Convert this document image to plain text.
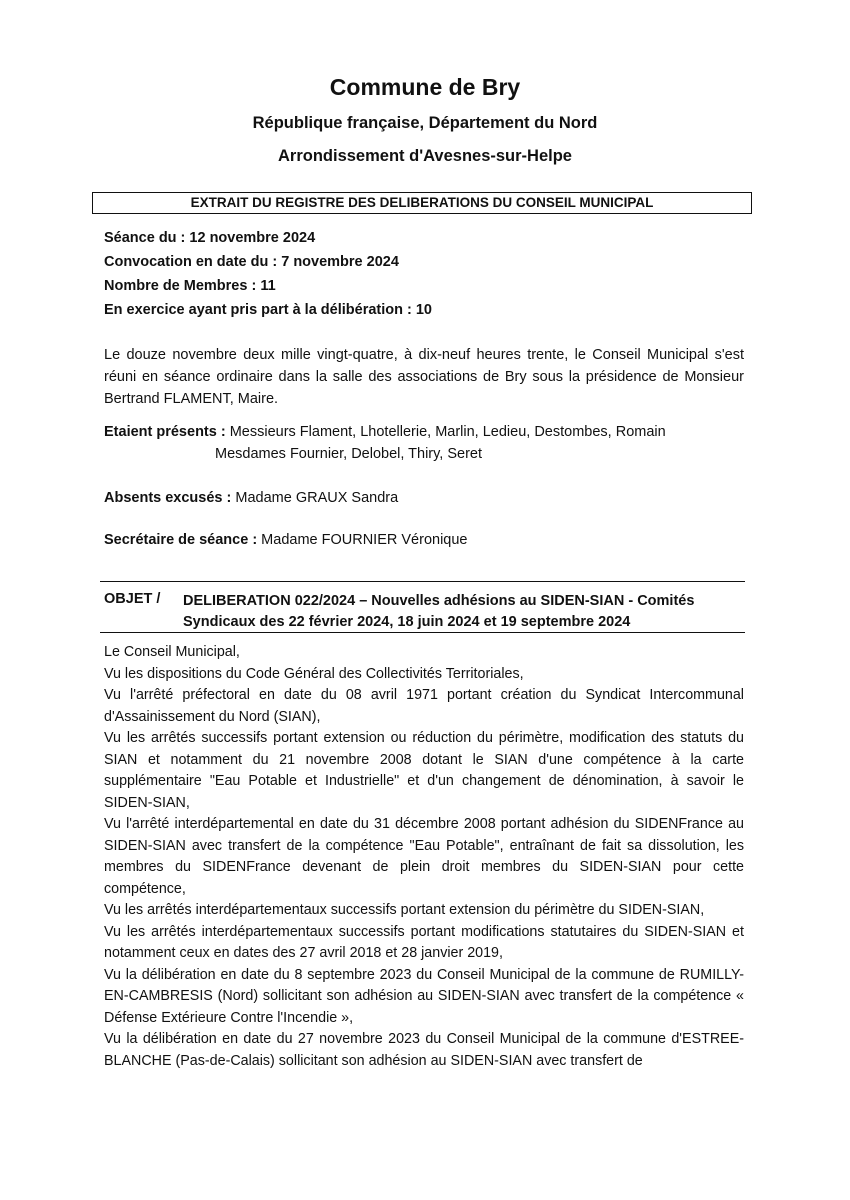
Commune de Bry
République française, Département du Nord
Arrondissement d'Avesnes-sur-Helpe
EXTRAIT DU REGISTRE DES DELIBERATIONS DU CONSEIL MUNICIPAL
Séance du : 12 novembre 2024
Convocation en date du : 7 novembre 2024
Nombre de Membres : 11
En exercice ayant pris part à la délibération : 10
Le douze novembre deux mille vingt-quatre, à dix-neuf heures trente, le Conseil Municipal s'est réuni en séance ordinaire dans la salle des associations de Bry sous la présidence de Monsieur Bertrand FLAMENT, Maire.
Etaient présents : Messieurs Flament, Lhotellerie, Marlin, Ledieu, Destombes, Romain
Mesdames Fournier, Delobel, Thiry, Seret
Absents excusés : Madame GRAUX Sandra
Secrétaire de séance : Madame FOURNIER Véronique
OBJET / DELIBERATION 022/2024 – Nouvelles adhésions au SIDEN-SIAN - Comités Syndicaux des 22 février 2024, 18 juin 2024 et 19 septembre 2024

Le Conseil Municipal,

Vu les dispositions du Code Général des Collectivités Territoriales,

Vu l'arrêté préfectoral en date du 08 avril 1971 portant création du Syndicat Intercommunal d'Assainissement du Nord (SIAN),

Vu les arrêtés successifs portant extension ou réduction du périmètre, modification des statuts du SIAN et notamment du 21 novembre 2008 dotant le SIAN d'une compétence à la carte supplémentaire "Eau Potable et Industrielle" et d'un changement de dénomination, à savoir le SIDEN-SIAN,

Vu l'arrêté interdépartemental en date du 31 décembre 2008 portant adhésion du SIDENFrance au SIDEN-SIAN avec transfert de la compétence "Eau Potable", entraînant de fait sa dissolution, les membres du SIDENFrance devenant de plein droit membres du SIDEN-SIAN pour cette compétence,

Vu les arrêtés interdépartementaux successifs portant extension du périmètre du SIDEN-SIAN,

Vu les arrêtés interdépartementaux successifs portant modifications statutaires du SIDEN-SIAN et notamment ceux en dates des 27 avril 2018 et 28 janvier 2019,

Vu la délibération en date du 8 septembre 2023 du Conseil Municipal de la commune de RUMILLY-EN-CAMBRESIS (Nord) sollicitant son adhésion au SIDEN-SIAN avec transfert de la compétence « Défense Extérieure Contre l'Incendie »,

Vu la délibération en date du 27 novembre 2023 du Conseil Municipal de la commune d'ESTREE-BLANCHE (Pas-de-Calais) sollicitant son adhésion au SIDEN-SIAN avec transfert de
